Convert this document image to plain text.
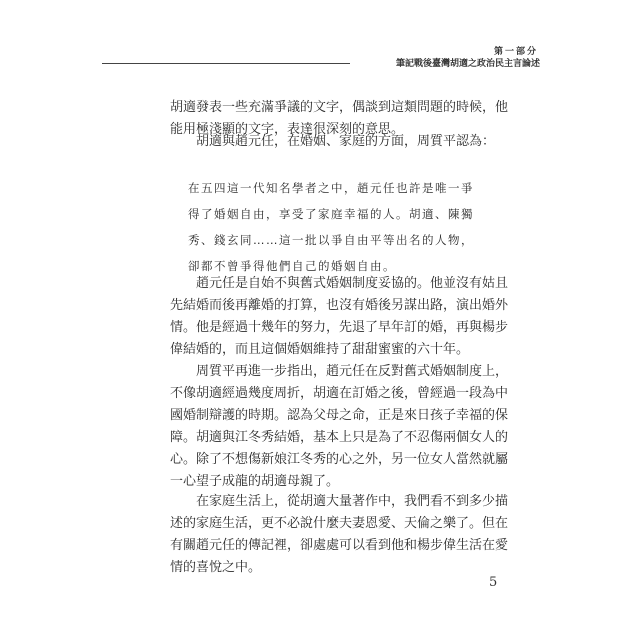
第一部分
筆記戰後臺灣胡適之政治民主言論述
胡適發表一些充滿爭議的文字，偶談到這類問題的時候，他
能用極淺顯的文字，表達很深刻的意思。
胡適與趙元任，在婚姻、家庭的方面，周質平認為：
在五四這一代知名學者之中，趙元任也許是唯一爭
得了婚姻自由，享受了家庭幸福的人。胡適、陳獨
秀、錢玄同……這一批以爭自由平等出名的人物，
卻都不曾爭得他們自己的婚姻自由。
趙元任是自始不與舊式婚姻制度妥協的。他並沒有姑且
先結婚而後再離婚的打算，也沒有婚後另謀出路，演出婚外
情。他是經過十幾年的努力，先退了早年訂的婚，再與楊步
偉結婚的，而且這個婚姻維持了甜甜蜜蜜的六十年。
周質平再進一步指出，趙元任在反對舊式婚姻制度上，
不像胡適經過幾度周折，胡適在訂婚之後，曾經過一段為中
國婚制辯護的時期。認為父母之命，正是來日孩子幸福的保
障。胡適與江冬秀結婚，基本上只是為了不忍傷兩個女人的
心。除了不想傷新娘江冬秀的心之外，另一位女人當然就屬
一心望子成龍的胡適母親了。
在家庭生活上，從胡適大量著作中，我們看不到多少描
述的家庭生活，更不必說什麼夫妻恩愛、天倫之樂了。但在
有關趙元任的傳記裡，卻處處可以看到他和楊步偉生活在愛
情的喜悅之中。
5
